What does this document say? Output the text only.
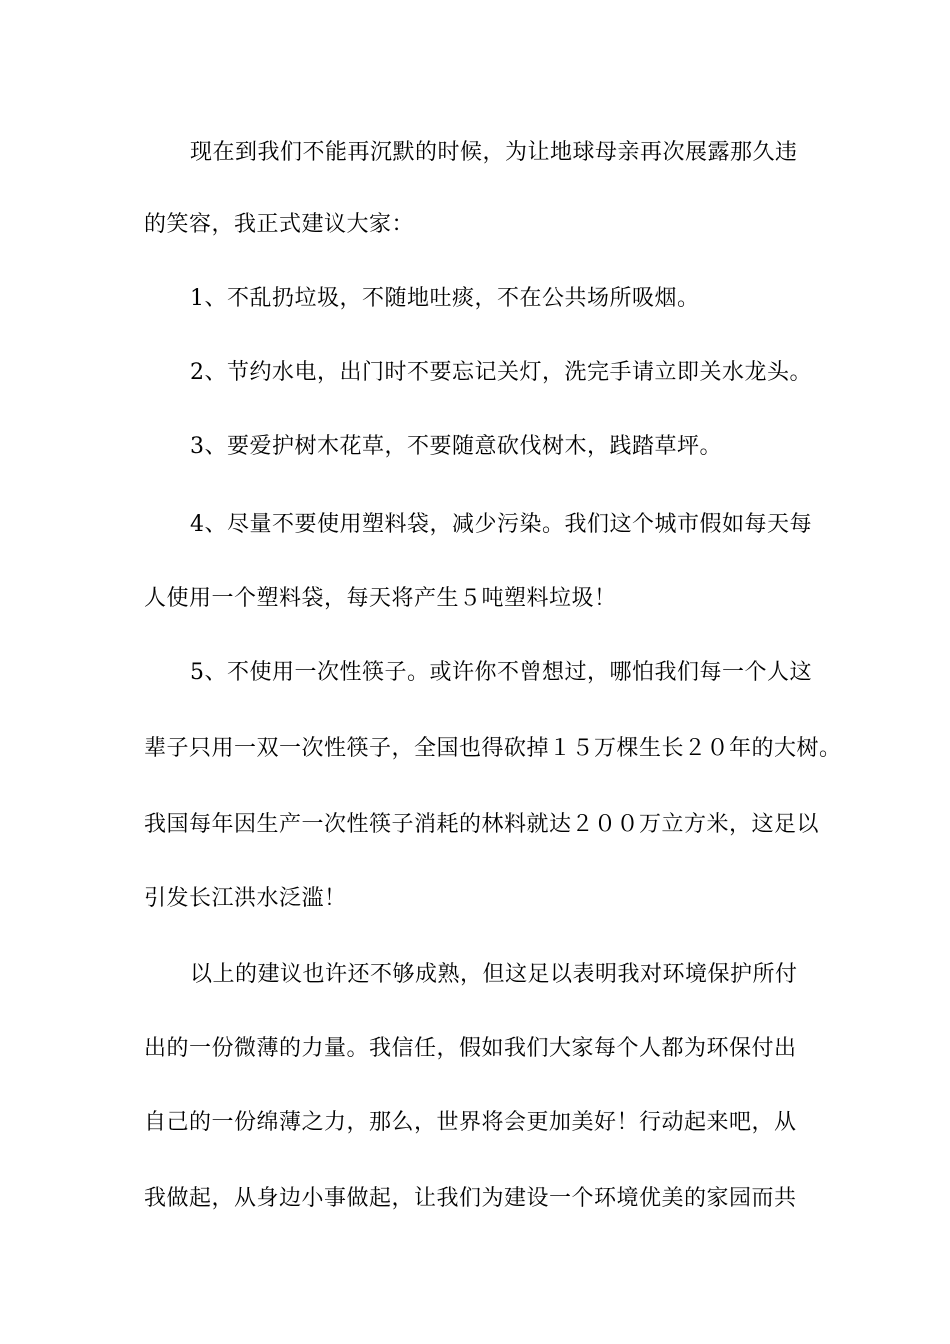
现在到我们不能再沉默的时候，为让地球母亲再次展露那久违
的笑容，我正式建议大家：
1、不乱扔垃圾，不随地吐痰，不在公共场所吸烟。
2、节约水电，出门时不要忘记关灯，洗完手请立即关水龙头。
3、要爱护树木花草，不要随意砍伐树木，践踏草坪。
4、尽量不要使用塑料袋，减少污染。我们这个城市假如每天每
人使用一个塑料袋，每天将产生５吨塑料垃圾！
5、不使用一次性筷子。或许你不曾想过，哪怕我们每一个人这
辈子只用一双一次性筷子，全国也得砍掉１５万棵生长２０年的大树。
我国每年因生产一次性筷子消耗的林料就达２００万立方米，这足以
引发长江洪水泛滥！
以上的建议也许还不够成熟，但这足以表明我对环境保护所付
出的一份微薄的力量。我信任，假如我们大家每个人都为环保付出
自己的一份绵薄之力，那么，世界将会更加美好！行动起来吧，从
我做起，从身边小事做起，让我们为建设一个环境优美的家园而共
